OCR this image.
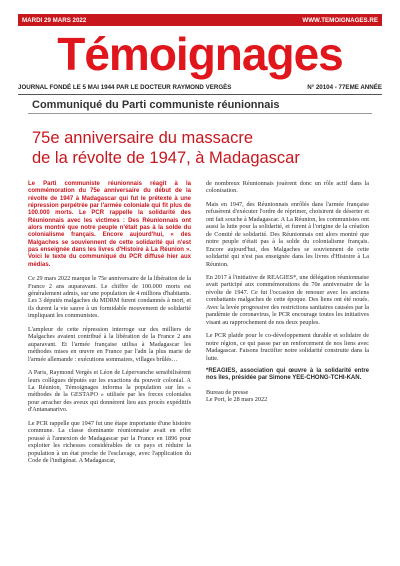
MARDI 29 MARS 2022	WWW.TEMOIGNAGES.RE
Témoignages
JOURNAL FONDÉ LE 5 MAI 1944 PAR LE DOCTEUR RAYMOND VERGÈS	N° 20104 - 77EME ANNÉE
Communiqué du Parti communiste réunionnais
75e anniversaire du massacre
de la révolte de 1947, à Madagascar

Le Parti communiste réunionnais réagit à la commémoration du 75e anniversaire du début de la révolte de 1947 à Madagascar qui fut le prétexte à une répression perpétrée par l'armée coloniale qui fit plus de 100.000 morts. Le PCR rappelle la solidarité des Réunionnais avec les victimes : Des Réunionnais ont alors montré que notre peuple n'était pas à la solde du colonialisme français. Encore aujourd'hui, « des Malgaches se souviennent de cette solidarité qui n'est pas enseignée dans les livres d'Histoire à La Réunion ». Voici le texte du communiqué du PCR diffusé hier aux médias.

Ce 29 mars 2022 marque le 75e anniversaire de la libération de la France 2 ans auparavant. Le chiffre de 100.000 morts est généralement admis, sur une population de 4 millions d'habitants. Les 3 députés malgaches du MDRM furent condamnés à mort, et ils durent la vie sauve à un formidable mouvement de solidarité impliquant les communistes.

L'ampleur de cette répression interroge sur des milliers de Malgaches avaient contribué à la libération de la France 2 ans auparavant. Et l'armée française utilisa à Madagascar les méthodes mises en œuvre en France par l'adn la plus marie de l'armée allemande : exécutions sommaires, villages brûlés…

A Paris, Raymond Vergès et Léon de Lépervanche sensibilisèrent leurs collègues députés sur les exactions du pouvoir colonial. A La Réunion, Témoignages informa la population sur les « méthodes de la GESTAPO » utilisée par les forces coloniales pour arracher des aveux qui donnèrent lieu aux procès expéditifs d'Antananarivo.

Le PCR rappelle que 1947 fut une étape importante d'une histoire commune. La classe dominante réunionnaise avait en effet poussé à l'annexion de Madagascar par la France en 1896 pour exploiter les richesses considérables de ce pays et réduire la population à un état proche de l'esclavage, avec l'application du Code de l'indigénat. A Madagascar,

de nombreux Réunionnais jouèrent donc un rôle actif dans la colonisation.

Mais en 1947, des Réunionnais enrôlés dans l'armée française refusèrent d'exécuter l'ordre de réprimer, choisirent de déserter et ont fait souche à Madagascar. A La Réunion, les communistes ont aussi la lutte pour la solidarité, et furent à l'origine de la création de Comité de solidarité. Des Réunionnais ont alors montré que notre peuple n'était pas à la solde du colonialisme français. Encore aujourd'hui, des Malgaches se souviennent de cette solidarité qui n'est pas enseignée dans les livres d'Histoire à La Réunion.

En 2017 à l'initiative de REAGIES*, une délégation réunionnaise avait participé aux commémorations du 70e anniversaire de la révolte de 1947. Ce fut l'occasion de renouer avec les anciens combattants malgaches de cette époque. Des liens ont été noués. Avec la levée progressive des restrictions sanitaires causées par la pandémie de coronavirus, le PCR encourage toutes les initiatives visant au rapprochement de nos deux peuples.

Le PCR plaide pour le co-développement durable et solidaire de notre région, ce qui passe par un renforcement de nos liens avec Madagascar. Faisons fructifier notre solidarité construite dans la lutte.

*REAGIES, association qui œuvre à la solidarité entre nos îles, présidée par Simone YEE-CHONG-TCHI-KAN.

Bureau de presse

Le Port, le 28 mars 2022
